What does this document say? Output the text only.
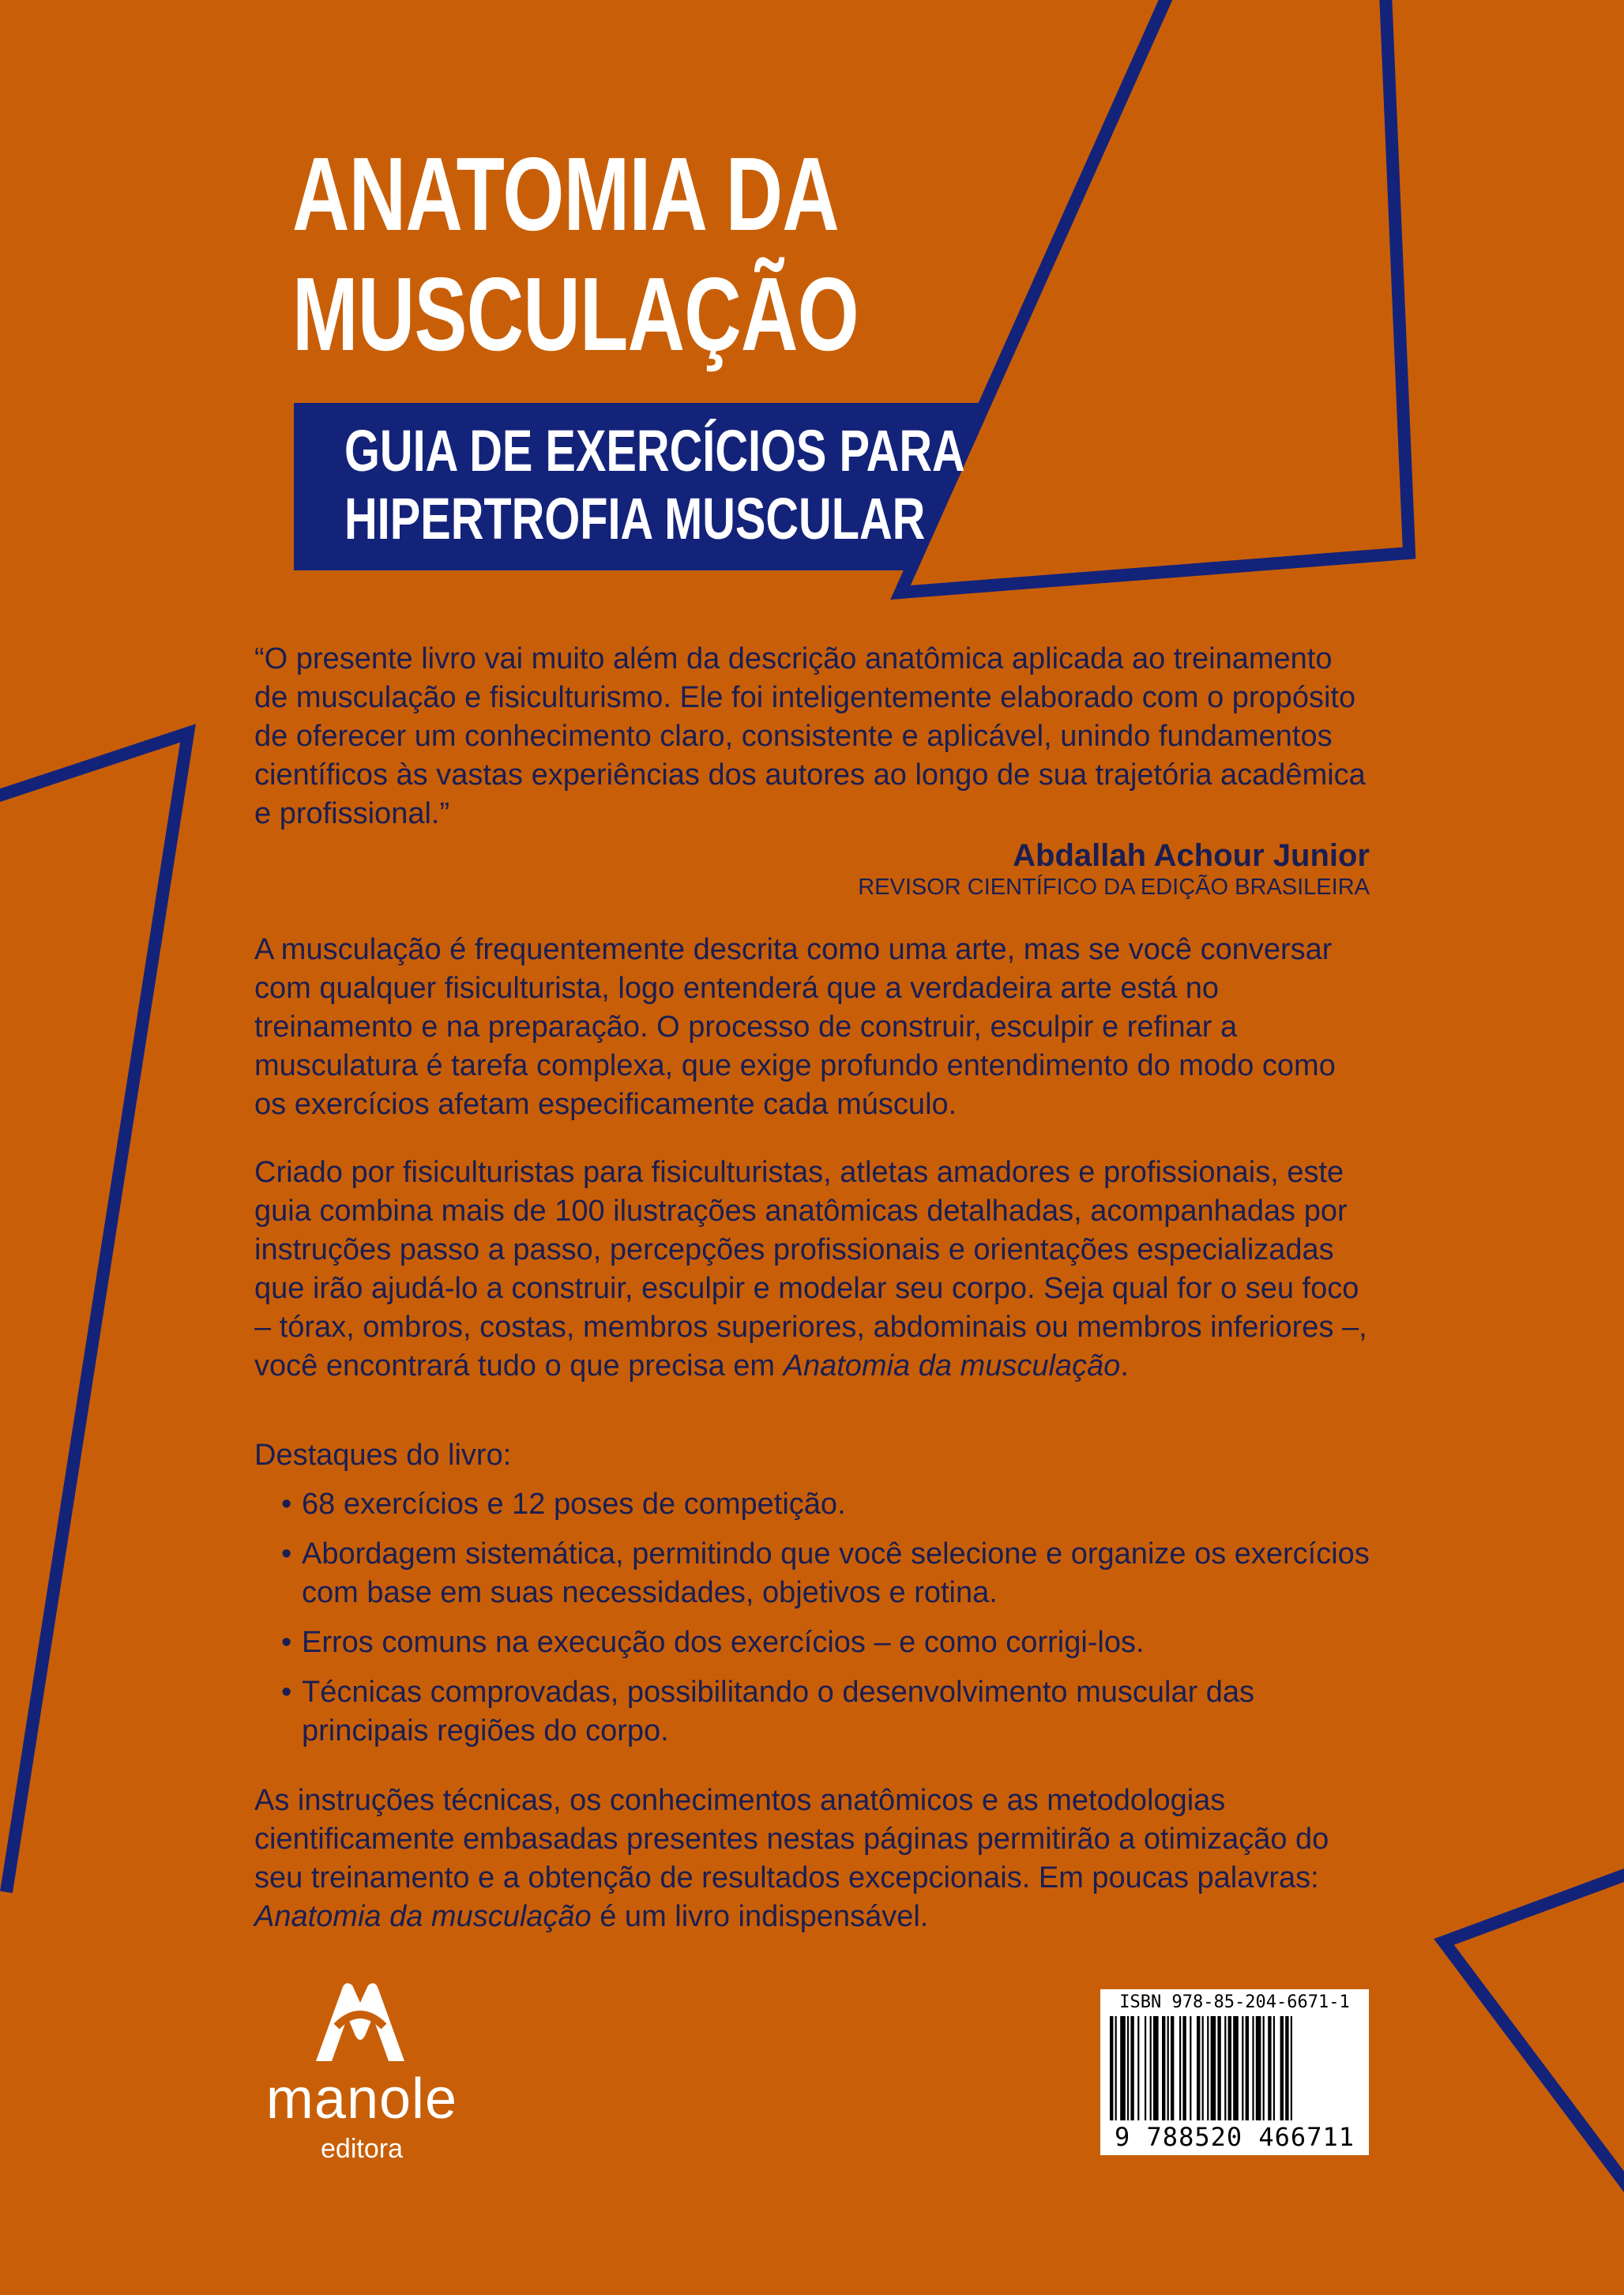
ANATOMIA DA
MUSCULAÇÃO
GUIA DE EXERCÍCIOS PARA
HIPERTROFIA MUSCULAR

“O presente livro vai muito além da descrição anatômica aplicada ao treinamento de musculação e fisiculturismo. Ele foi inteligentemente elaborado com o propósito de oferecer um conhecimento claro, consistente e aplicável, unindo fundamentos científicos às vastas experiências dos autores ao longo de sua trajetória acadêmica e profissional.”

Abdallah Achour Junior
REVISOR CIENTÍFICO DA EDIÇÃO BRASILEIRA

A musculação é frequentemente descrita como uma arte, mas se você conversar com qualquer fisiculturista, logo entenderá que a verdadeira arte está no treinamento e na preparação. O processo de construir, esculpir e refinar a musculatura é tarefa complexa, que exige profundo entendimento do modo como os exercícios afetam especificamente cada músculo.

Criado por fisiculturistas para fisiculturistas, atletas amadores e profissionais, este guia combina mais de 100 ilustrações anatômicas detalhadas, acompanhadas por instruções passo a passo, percepções profissionais e orientações especializadas que irão ajudá-lo a construir, esculpir e modelar seu corpo. Seja qual for o seu foco – tórax, ombros, costas, membros superiores, abdominais ou membros inferiores –, você encontrará tudo o que precisa em Anatomia da musculação.

Destaques do livro:

• 68 exercícios e 12 poses de competição.
• Abordagem sistemática, permitindo que você selecione e organize os exercícios com base em suas necessidades, objetivos e rotina.
• Erros comuns na execução dos exercícios – e como corrigi-los.
• Técnicas comprovadas, possibilitando o desenvolvimento muscular das principais regiões do corpo.

As instruções técnicas, os conhecimentos anatômicos e as metodologias cientificamente embasadas presentes nestas páginas permitirão a otimização do seu treinamento e a obtenção de resultados excepcionais. Em poucas palavras: Anatomia da musculação é um livro indispensável.

manole
editora
ISBN 978-85-204-6671-1
9 788520 466711
